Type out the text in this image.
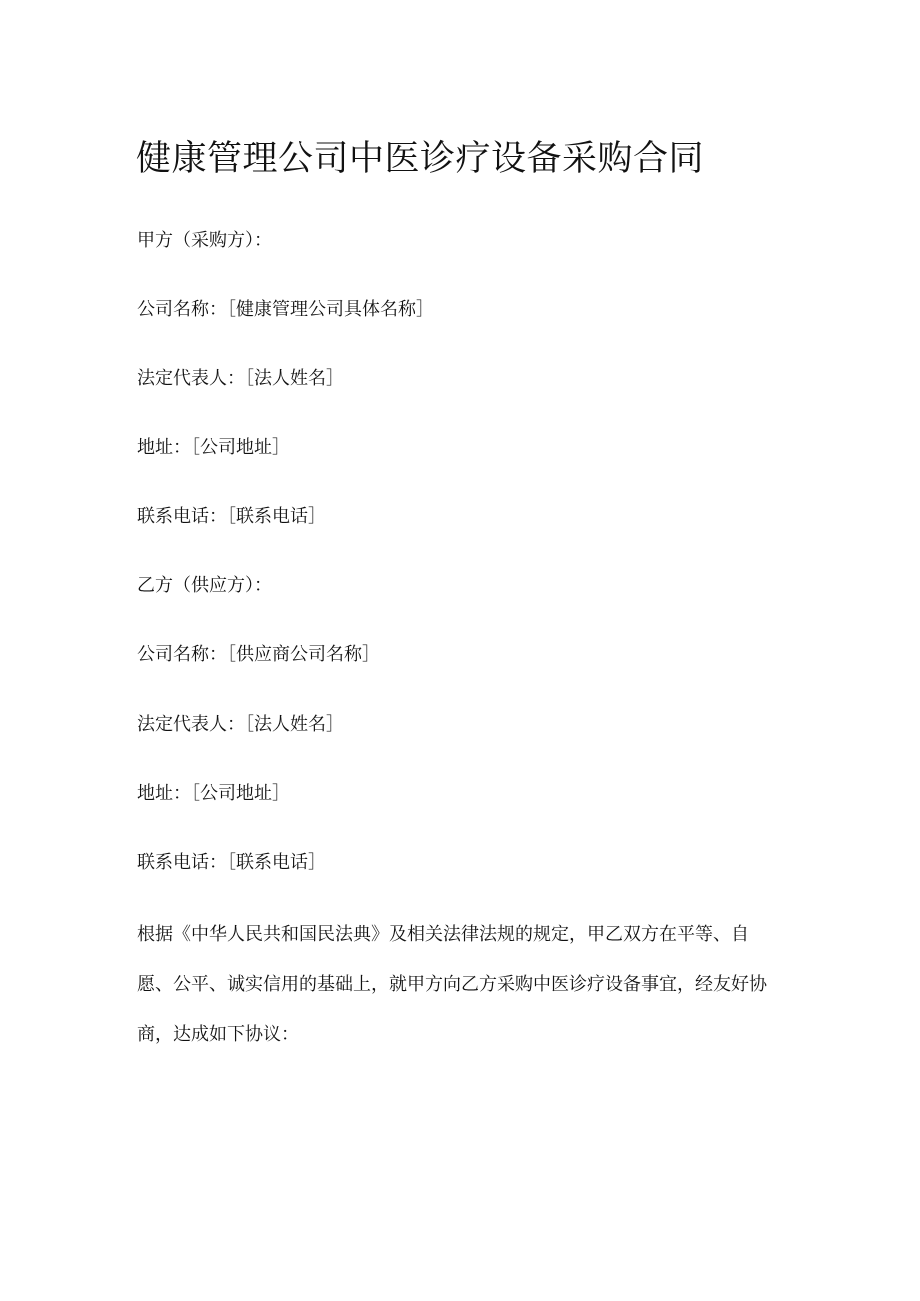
健康管理公司中医诊疗设备采购合同

甲方（采购方）：

公司名称：［健康管理公司具体名称］

法定代表人：［法人姓名］

地址：［公司地址］

联系电话：［联系电话］

乙方（供应方）：

公司名称：［供应商公司名称］

法定代表人：［法人姓名］

地址：［公司地址］

联系电话：［联系电话］

根据《中华人民共和国民法典》及相关法律法规的规定，甲乙双方在平等、自愿、公平、诚实信用的基础上，就甲方向乙方采购中医诊疗设备事宜，经友好协商，达成如下协议：
